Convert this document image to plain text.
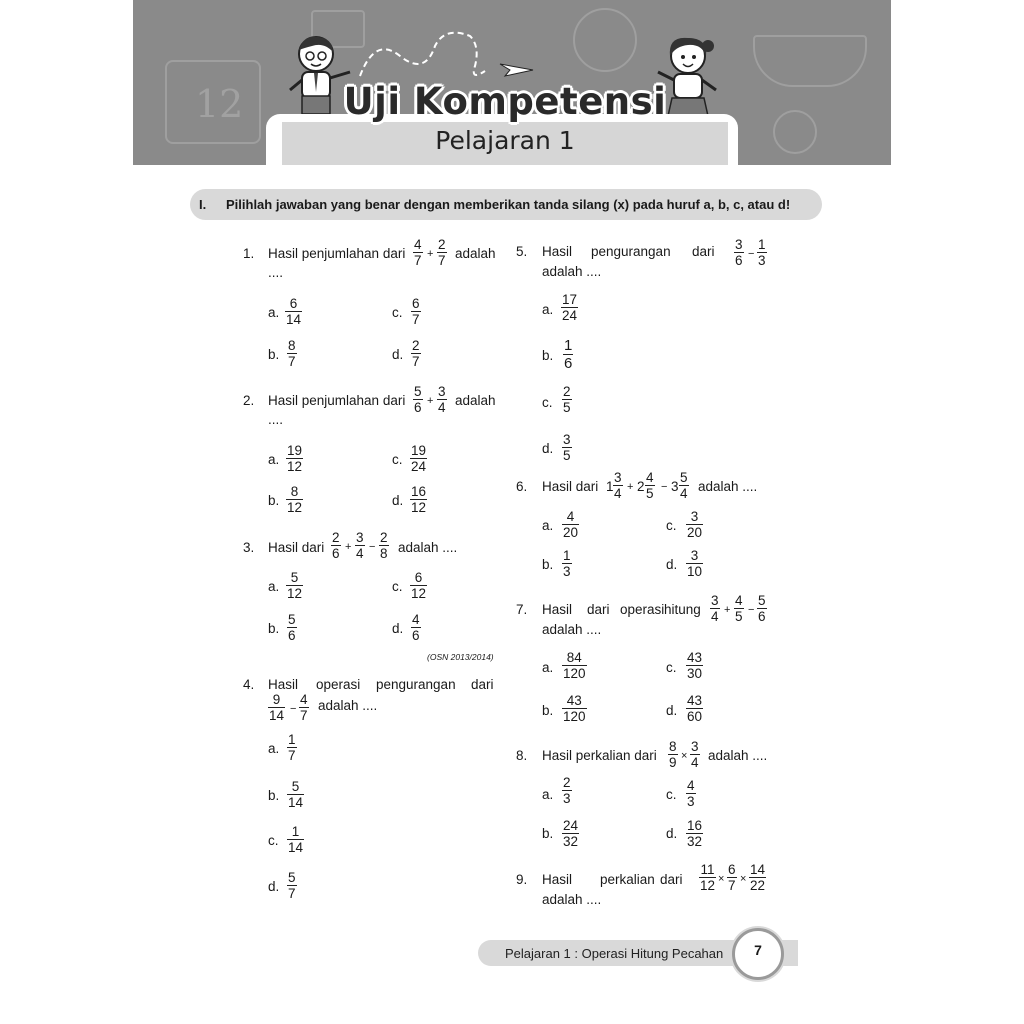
12	Uji Kompetensi
Pelajaran 1
I. Pilihlah jawaban yang benar dengan memberikan tanda silang (x) pada huruf a, b, c, atau d!
1. Hasil penjumlahan dari $\frac{4}{7} + \frac{2}{7}$ adalah
....
a. $\frac{6}{14}$
b. $\frac{8}{7}$
c. $\frac{6}{7}$
d. $\frac{2}{7}$
2. Hasil penjumlahan dari $\frac{5}{6} + \frac{3}{4}$ adalah
....
a. $\frac{19}{12}$
b. $\frac{8}{12}$
c. $\frac{19}{24}$
d. $\frac{16}{12}$
3. Hasil dari $\frac{2}{6} + \frac{3}{4} - \frac{2}{8}$ adalah ....
a. $\frac{5}{12}$
b. $\frac{5}{6}$
c. $\frac{6}{12}$
d. $\frac{4}{6}$
(OSN 2013/2014)
4. Hasil operasi pengurangan dari
$\frac{9}{14} - \frac{4}{7}$ adalah ....
a. $\frac{1}{7}$
b. $\frac{5}{14}$
c. $\frac{1}{14}$
d. $\frac{5}{7}$
5. Hasil pengurangan dari $\frac{3}{6} - \frac{1}{3}$
adalah ....
a. $\frac{17}{24}$
b. $\frac{1}{6}$
c. $\frac{2}{5}$
d. $\frac{3}{5}$
6. Hasil dari $1 \frac{3}{4} + 2 \frac{4}{5} - 3 \frac{5}{4}$ adalah ....
a. $\frac{4}{20}$
b. $\frac{1}{3}$
c. $\frac{3}{20}$
d. $\frac{3}{10}$
7. Hasil dari operasi hitung $\frac{3}{4} + \frac{4}{5} - \frac{5}{6}$
adalah ....
a. $\frac{84}{120}$
b. $\frac{43}{120}$
c. $\frac{43}{30}$
d. $\frac{43}{60}$
8. Hasil perkalian dari $\frac{8}{9} \times \frac{3}{4}$ adalah ....
a. $\frac{2}{3}$
b. $\frac{24}{32}$
c. $\frac{4}{3}$
d. $\frac{16}{32}$
9. Hasil perkalian dari $\frac{11}{12} \times \frac{6}{7} \times \frac{14}{22}$
adalah ....
Pelajaran 1 : Operasi Hitung Pecahan	7
